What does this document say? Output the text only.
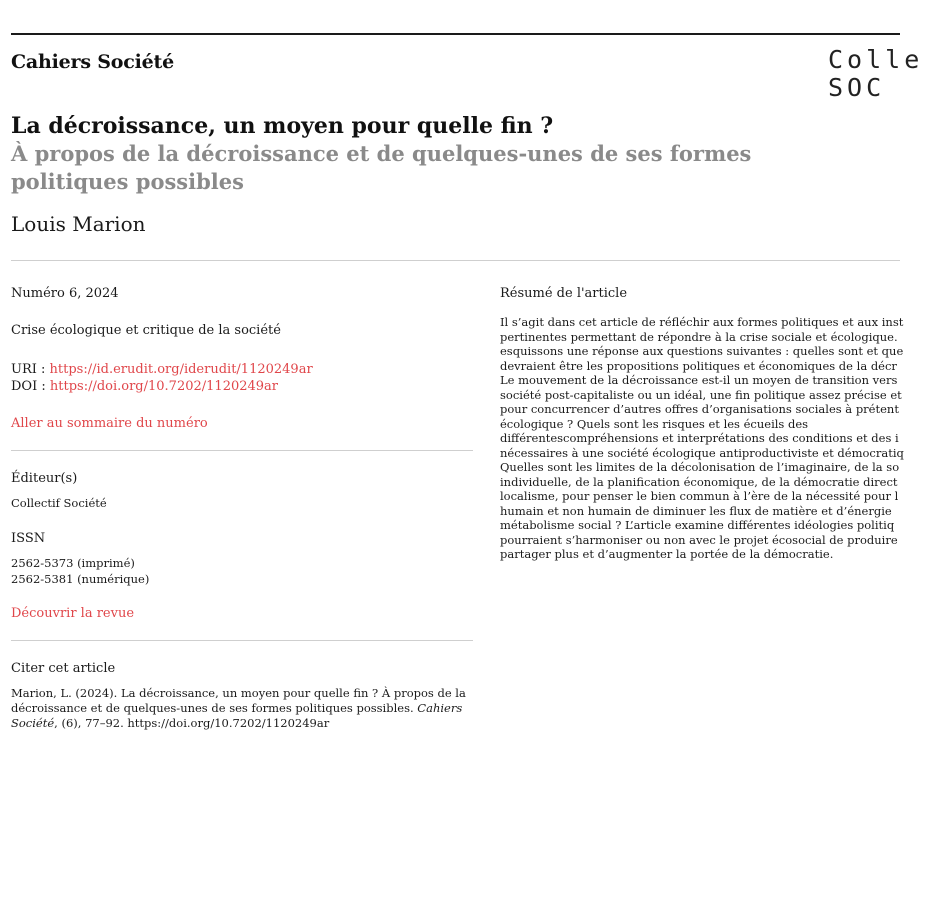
Cahiers Société	Colle
SOC
La décroissance, un moyen pour quelle fin ?
À propos de la décroissance et de quelques-unes de ses formes politiques possibles
Louis Marion
Numéro 6, 2024
Crise écologique et critique de la société
URI : https://id.erudit.org/iderudit/1120249ar
DOI : https://doi.org/10.7202/1120249ar
Aller au sommaire du numéro
Éditeur(s)
Collectif Société
ISSN
2562-5373 (imprimé)
2562-5381 (numérique)
Découvrir la revue
Citer cet article
Marion, L. (2024). La décroissance, un moyen pour quelle fin ? À propos de la décroissance et de quelques-unes de ses formes politiques possibles. Cahiers Société, (6), 77–92. https://doi.org/10.7202/1120249ar
Résumé de l'article
Il s’agit dans cet article de réfléchir aux formes politiques et aux inst
pertinentes permettant de répondre à la crise sociale et écologique.
esquissons une réponse aux questions suivantes : quelles sont et que
devraient être les propositions politiques et économiques de la décr
Le mouvement de la décroissance est-il un moyen de transition vers
société post-capitaliste ou un idéal, une fin politique assez précise et
pour concurrencer d’autres offres d’organisations sociales à prétent
écologique ? Quels sont les risques et les écueils des
différentescompréhensions et interprétations des conditions et des i
nécessaires à une société écologique antiproductiviste et démocratiq
Quelles sont les limites de la décolonisation de l’imaginaire, de la so
individuelle, de la planification économique, de la démocratie direct
localisme, pour penser le bien commun à l’ère de la nécessité pour l
humain et non humain de diminuer les flux de matière et d’énergie
métabolisme social ? L’article examine différentes idéologies politiq
pourraient s’harmoniser ou non avec le projet écosocial de produire
partager plus et d’augmenter la portée de la démocratie.
